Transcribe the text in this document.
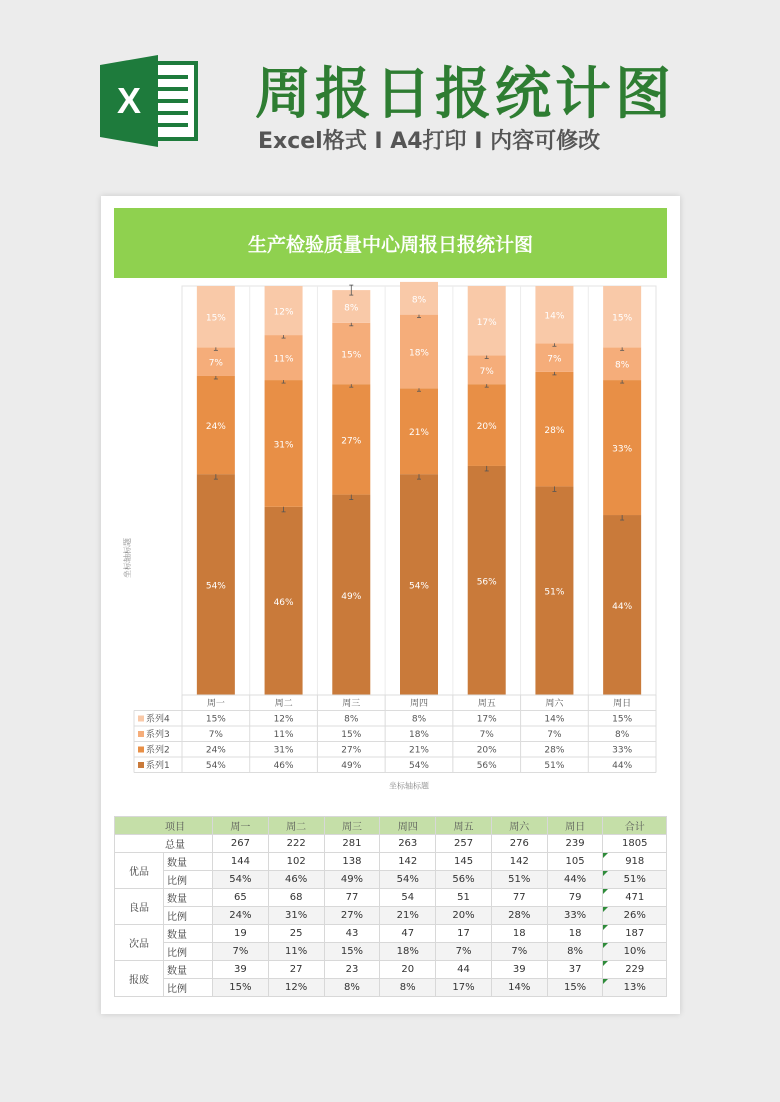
X 周报日报统计图
Excel格式 Ⅰ A4打印 Ⅰ 内容可修改
生产检验质量中心周报日报统计图
坐标轴标题
54%
24%
7%
15%
46%
31%
11%
12%
49%
27%
15%
8%
54%
21%
18%
8%
56%
20%
7%
17%
51%
28%
7%
14%
44%
33%
8%
15%
周一	周二	周三	周四	周五	周六	周日
系列4	15%	12%	8%	8%	17%	14%	15%
系列3	7%	11%	15%	18%	7%	7%	8%
系列2	24%	31%	27%	21%	20%	28%	33%
系列1	54%	46%	49%	54%	56%	51%	44%
坐标轴标题
项目		周一	周二	周三	周四	周五	周六	周日	合计
总量		267	222	281	263	257	276	239	1805
优品	数量	144	102	138	142	145	142	105	918
	比例	54%	46%	49%	54%	56%	51%	44%	51%
良品	数量	65	68	77	54	51	77	79	471
	比例	24%	31%	27%	21%	20%	28%	33%	26%
次品	数量	19	25	43	47	17	18	18	187
	比例	7%	11%	15%	18%	7%	7%	8%	10%
报废	数量	39	27	23	20	44	39	37	229
	比例	15%	12%	8%	8%	17%	14%	15%	13%
